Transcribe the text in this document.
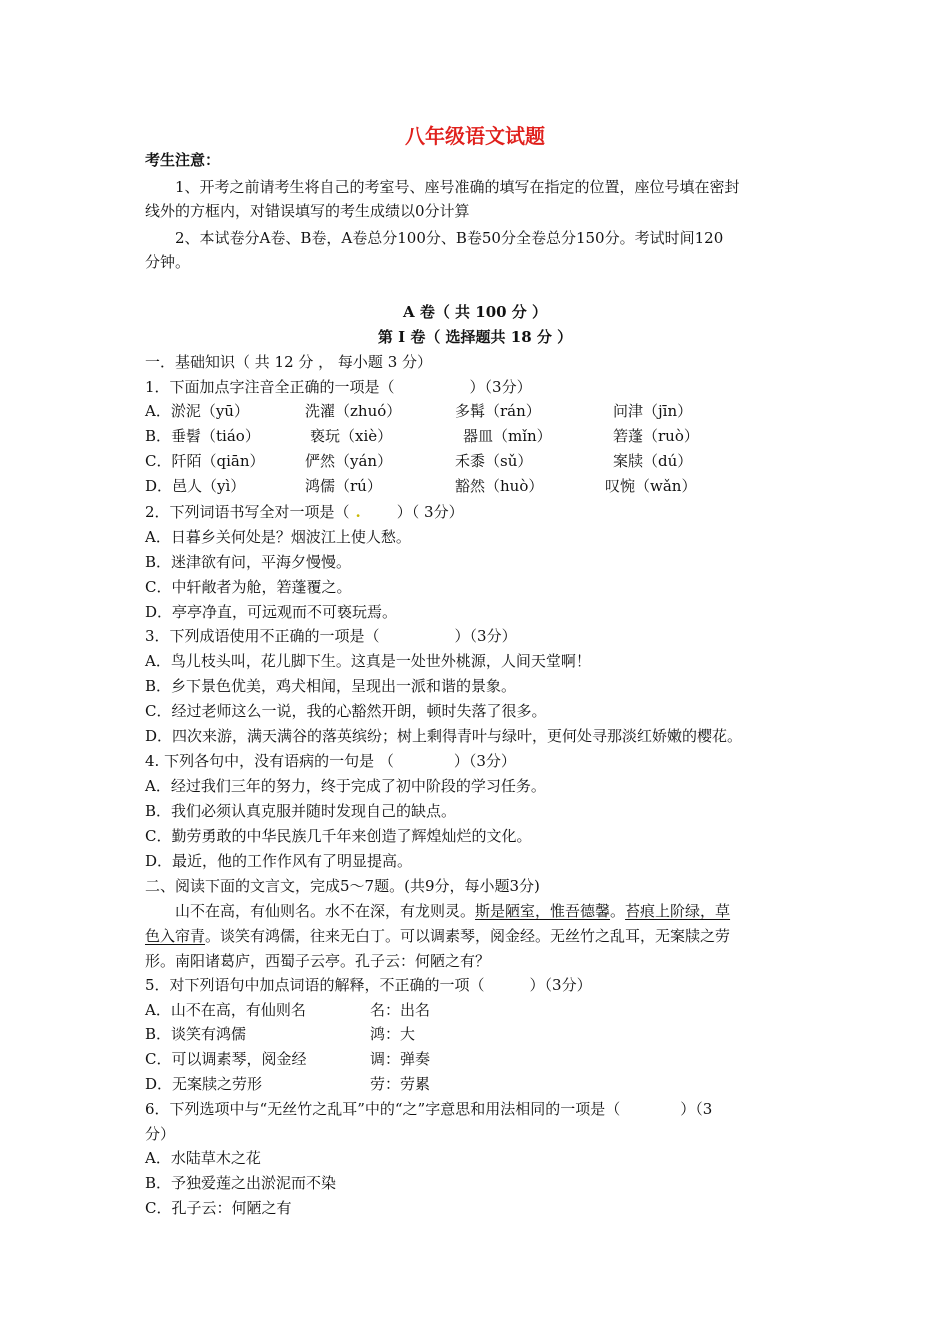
八年级语文试题
考生注意：
1、开考之前请考生将自己的考室号、座号准确的填写在指定的位置，座位号填在密封
线外的方框内，对错误填写的考生成绩以0分计算
2、本试卷分A卷、B卷，A卷总分100分、B卷50分全卷总分150分。考试时间120
分钟。
A 卷（ 共 100 分 ）
第 I 卷（ 选择题共 18 分 ）
一．基础知识（ 共 12 分 ， 每小题 3 分）
1．下面加点字注音全正确的一项是（　　　　　）（3分）
A．淤泥（yū）	洗濯（zhuó）	多髯（rán）	问津（jīn）
B．垂髫（tiáo）	亵玩（xiè）	器皿（mǐn）	箬蓬（ruò）
C．阡陌（qiān）	俨然（yán）	禾黍（sǔ）	案牍（dú）
D．邑人（yì）	鸿儒（rú）	豁然（huò）	叹惋（wǎn）
2．下列词语书写全对一项是（ .　　）（ 3分）
A．日暮乡关何处是？烟波江上使人愁。
B．迷津欲有问，平海夕慢慢。
C．中轩敞者为舱，箬蓬覆之。
D．亭亭净直，可远观而不可亵玩焉。
3．下列成语使用不正确的一项是（　　　　　）（3分）
A．鸟儿枝头叫，花儿脚下生。这真是一处世外桃源，人间天堂啊！
B．乡下景色优美，鸡犬相闻，呈现出一派和谐的景象。
C．经过老师这么一说，我的心豁然开朗，顿时失落了很多。
D．四次来游，满天满谷的落英缤纷；树上剩得青叶与绿叶，更何处寻那淡红娇嫩的樱花。
4. 下列各句中，没有语病的一句是 （　　　　）（3分）
A．经过我们三年的努力，终于完成了初中阶段的学习任务。
B．我们必须认真克服并随时发现自己的缺点。
C．勤劳勇敢的中华民族几千年来创造了辉煌灿烂的文化。
D．最近，他的工作作风有了明显提高。
二、阅读下面的文言文，完成5～7题。(共9分，每小题3分)
山不在高，有仙则名。水不在深，有龙则灵。斯是陋室，惟吾德馨。苔痕上阶绿，草
色入帘青。谈笑有鸿儒，往来无白丁。可以调素琴，阅金经。无丝竹之乱耳，无案牍之劳
形。南阳诸葛庐，西蜀子云亭。孔子云：何陋之有？
5．对下列语句中加点词语的解释，不正确的一项（　　　）（3分）
A．山不在高，有仙则名	名：出名
B．谈笑有鸿儒	鸿：大
C．可以调素琴，阅金经	调：弹奏
D．无案牍之劳形	劳：劳累
6．下列选项中与“无丝竹之乱耳”中的“之”字意思和用法相同的一项是（　　　　）（3
分）
A．水陆草木之花
B．予独爱莲之出淤泥而不染
C．孔子云：何陋之有
